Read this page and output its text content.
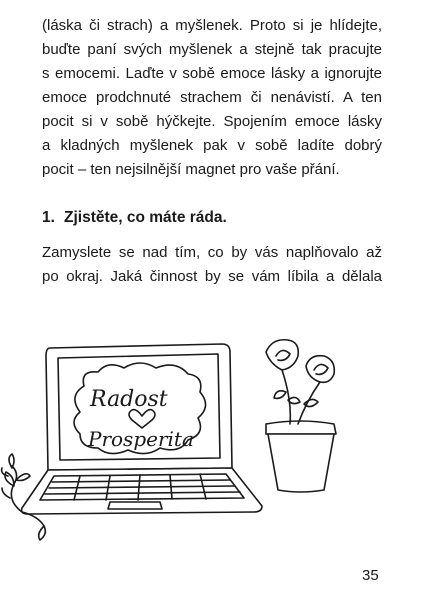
(láska či strach) a myšlenek. Proto si je hlídejte,
buďte paní svých myšlenek a stejně tak pracujte
s emocemi. Laďte v sobě emoce lásky a ignorujte
emoce prodchnuté strachem či nenávistí. A ten
pocit si v sobě hýčkejte. Spojením emoce lásky
a kladných myšlenek pak v sobě ladíte dobrý
pocit – ten nejsilnější magnet pro vaše přání.
1. Zjistěte, co máte ráda.
Zamyslete se nad tím, co by vás naplňovalo až
po okraj. Jaká činnost by se vám líbila a dělala
Radost
Prosperita
35
